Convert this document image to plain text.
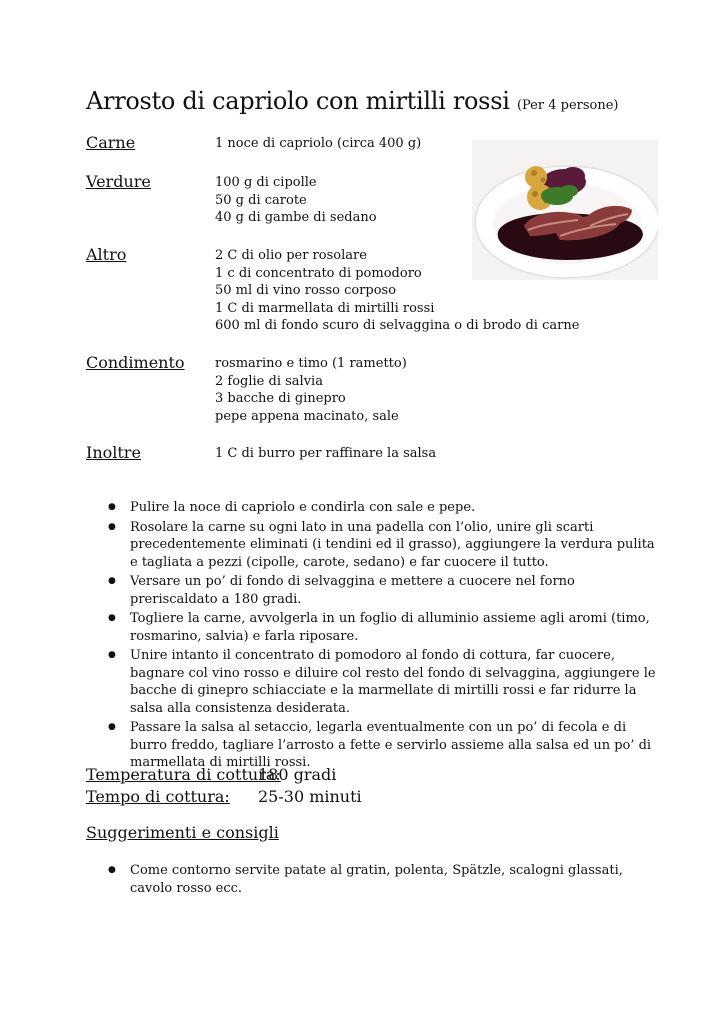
Arrosto di capriolo con mirtilli rossi (Per 4 persone)
Carne	1 noce di capriolo (circa 400 g)
Verdure	100 g di cipolle
50 g di carote
40 g di gambe di sedano
Altro	2 C di olio per rosolare
1 c di concentrato di pomodoro
50 ml di vino rosso corposo
1 C di marmellata di mirtilli rossi
600 ml di fondo scuro di selvaggina o di brodo di carne
Condimento rosmarino e timo (1 rametto)
2 foglie di salvia
3 bacche di ginepro
pepe appena macinato, sale
Inoltre	1 C di burro per raffinare la salsa
● Pulire la noce di capriolo e condirla con sale e pepe.
● Rosolare la carne su ogni lato in una padella con l’olio, unire gli scarti precedentemente eliminati (i tendini ed il grasso), aggiungere la verdura pulita e tagliata a pezzi (cipolle, carote, sedano) e far cuocere il tutto.
● Versare un po’ di fondo di selvaggina e mettere a cuocere nel forno preriscaldato a 180 gradi.
● Togliere la carne, avvolgerla in un foglio di alluminio assieme agli aromi (timo, rosmarino, salvia) e farla riposare.
● Unire intanto il concentrato di pomodoro al fondo di cottura, far cuocere, bagnare col vino rosso e diluire col resto del fondo di selvaggina, aggiungere le bacche di ginepro schiacciate e la marmellate di mirtilli rossi e far ridurre la salsa alla consistenza desiderata.
● Passare la salsa al setaccio, legarla eventualmente con un po’ di fecola e di burro freddo, tagliare l’arrosto a fette e servirlo assieme alla salsa ed un po’ di marmellata di mirtilli rossi.
Temperatura di cottura:180 gradi
Tempo di cottura: 25-30 minuti
Suggerimenti e consigli
● Come contorno servite patate al gratin, polenta, Spätzle, scalogni glassati, cavolo rosso ecc.
